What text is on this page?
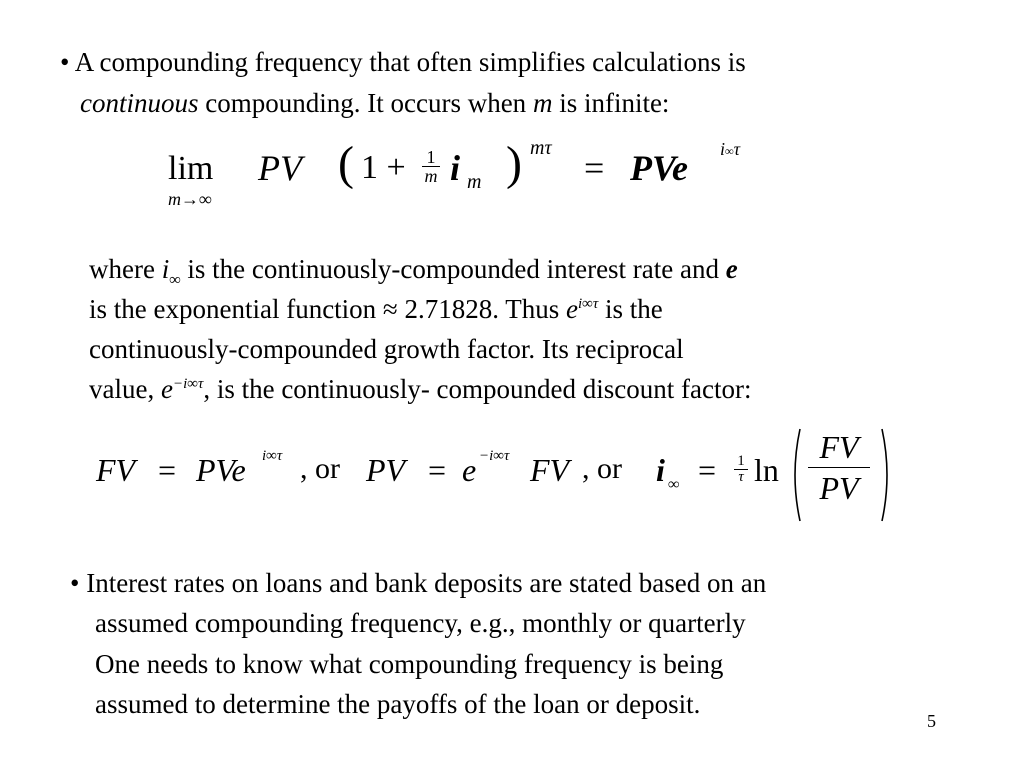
• A compounding frequency that often simplifies calculations is
continuous compounding. It occurs when m is infinite:
lim
m→∞
PV ( 1 + 1
m i m ) mτ = PVe i∞τ
where $i_\infty$ is the continuously-compounded interest rate and e
is the exponential function ≈ 2.71828. Thus $e^{i\infty\tau}$ is the
continuously-compounded growth factor. Its reciprocal
value, $e^{-i\infty\tau}$, is the continuously- compounded discount factor:
FV = PVe i∞τ , or PV = e −i∞τ FV , or i ∞ = 1
τ ln
FV
PV
• Interest rates on loans and bank deposits are stated based on an
assumed compounding frequency, e.g., monthly or quarterly
One needs to know what compounding frequency is being
assumed to determine the payoffs of the loan or deposit.
5
